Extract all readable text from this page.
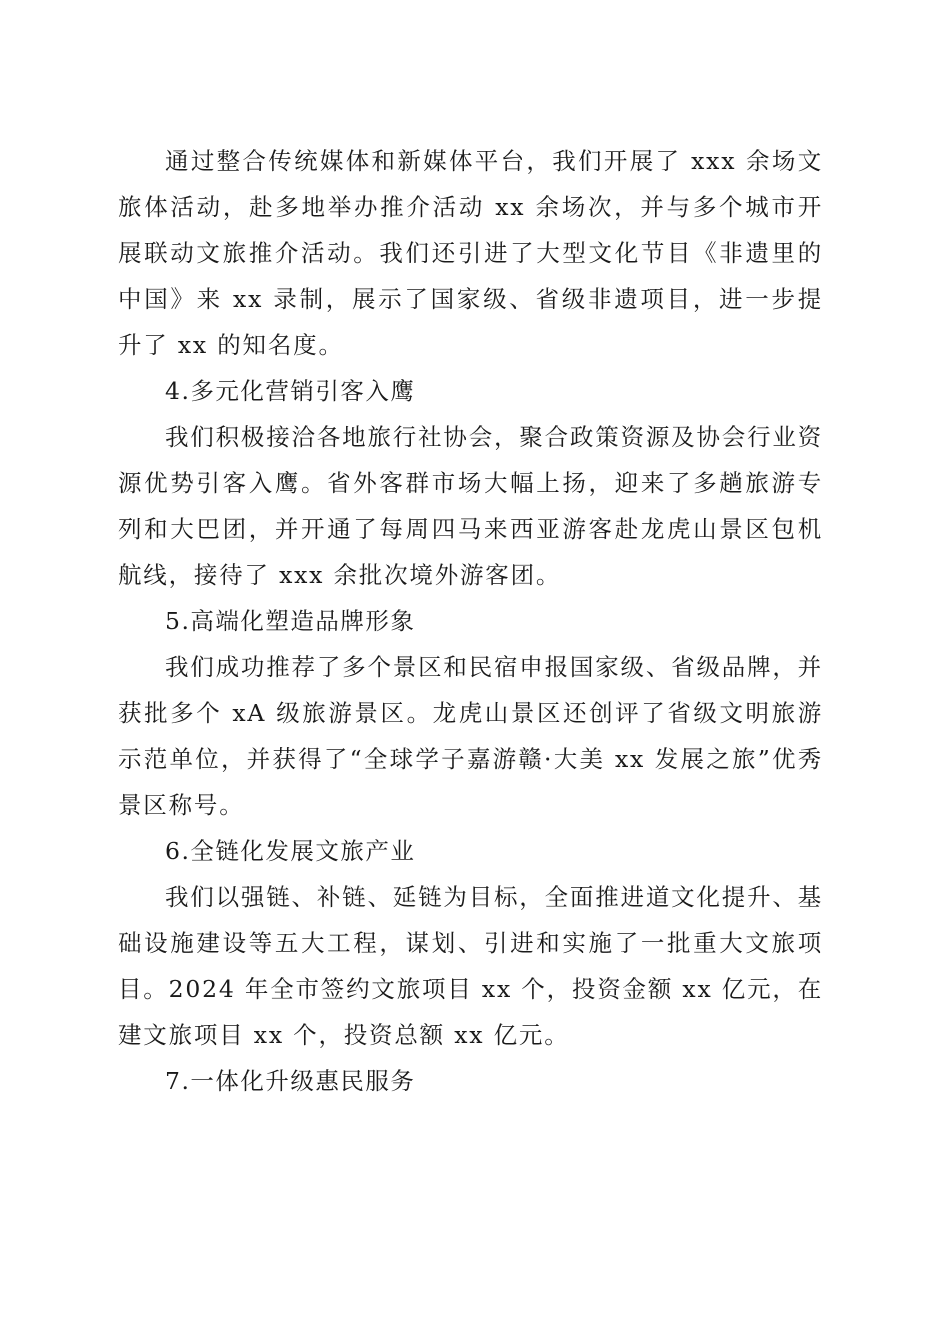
通过整合传统媒体和新媒体平台，我们开展了 xxx 余场文旅体活动，赴多地举办推介活动 xx 余场次，并与多个城市开展联动文旅推介活动。我们还引进了大型文化节目《非遗里的中国》来 xx 录制，展示了国家级、省级非遗项目，进一步提升了 xx 的知名度。

4.多元化营销引客入鹰

我们积极接洽各地旅行社协会，聚合政策资源及协会行业资源优势引客入鹰。省外客群市场大幅上扬，迎来了多趟旅游专列和大巴团，并开通了每周四马来西亚游客赴龙虎山景区包机航线，接待了 xxx 余批次境外游客团。

5.高端化塑造品牌形象

我们成功推荐了多个景区和民宿申报国家级、省级品牌，并获批多个 xA 级旅游景区。龙虎山景区还创评了省级文明旅游示范单位，并获得了“全球学子嘉游赣·大美 xx 发展之旅”优秀景区称号。

6.全链化发展文旅产业

我们以强链、补链、延链为目标，全面推进道文化提升、基础设施建设等五大工程，谋划、引进和实施了一批重大文旅项目。2024 年全市签约文旅项目 xx 个，投资金额 xx 亿元，在建文旅项目 xx 个，投资总额 xx 亿元。

7.一体化升级惠民服务
